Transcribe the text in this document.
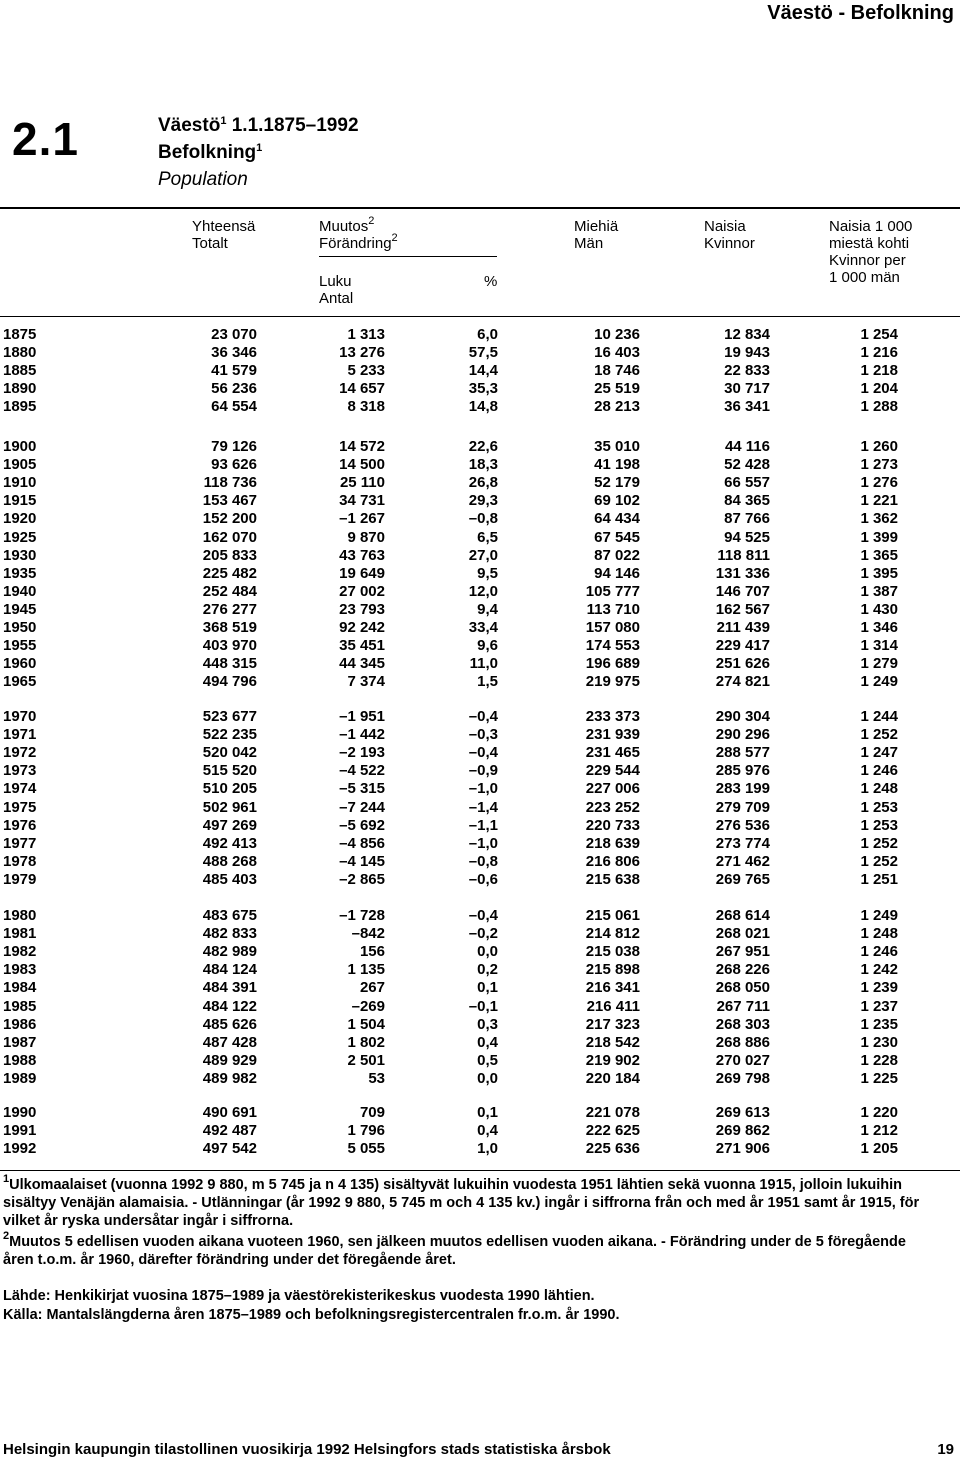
Väestö - Befolkning
2.1	Väestö$^1$ 1.1.1875–1992
Befolkning$^1$
Population
Yhteensä
Totalt
Muutos$^2$
Förändring$^2$
Luku
Antal
%
Miehiä
Män
Naisia
Kvinnor
Naisia 1 000
miestä kohti
Kvinnor per
1 000 män
1875	23 070	1 313	6,0	10 236	12 834	1 254
1880	36 346	13 276	57,5	16 403	19 943	1 216
1885	41 579	5 233	14,4	18 746	22 833	1 218
1890	56 236	14 657	35,3	25 519	30 717	1 204
1895	64 554	8 318	14,8	28 213	36 341	1 288
1900	79 126	14 572	22,6	35 010	44 116	1 260
1905	93 626	14 500	18,3	41 198	52 428	1 273
1910	118 736	25 110	26,8	52 179	66 557	1 276
1915	153 467	34 731	29,3	69 102	84 365	1 221
1920	152 200	–1 267	–0,8	64 434	87 766	1 362
1925	162 070	9 870	6,5	67 545	94 525	1 399
1930	205 833	43 763	27,0	87 022	118 811	1 365
1935	225 482	19 649	9,5	94 146	131 336	1 395
1940	252 484	27 002	12,0	105 777	146 707	1 387
1945	276 277	23 793	9,4	113 710	162 567	1 430
1950	368 519	92 242	33,4	157 080	211 439	1 346
1955	403 970	35 451	9,6	174 553	229 417	1 314
1960	448 315	44 345	11,0	196 689	251 626	1 279
1965	494 796	7 374	1,5	219 975	274 821	1 249
1970	523 677	–1 951	–0,4	233 373	290 304	1 244
1971	522 235	–1 442	–0,3	231 939	290 296	1 252
1972	520 042	–2 193	–0,4	231 465	288 577	1 247
1973	515 520	–4 522	–0,9	229 544	285 976	1 246
1974	510 205	–5 315	–1,0	227 006	283 199	1 248
1975	502 961	–7 244	–1,4	223 252	279 709	1 253
1976	497 269	–5 692	–1,1	220 733	276 536	1 253
1977	492 413	–4 856	–1,0	218 639	273 774	1 252
1978	488 268	–4 145	–0,8	216 806	271 462	1 252
1979	485 403	–2 865	–0,6	215 638	269 765	1 251
1980	483 675	–1 728	–0,4	215 061	268 614	1 249
1981	482 833	–842	–0,2	214 812	268 021	1 248
1982	482 989	156	0,0	215 038	267 951	1 246
1983	484 124	1 135	0,2	215 898	268 226	1 242
1984	484 391	267	0,1	216 341	268 050	1 239
1985	484 122	–269	–0,1	216 411	267 711	1 237
1986	485 626	1 504	0,3	217 323	268 303	1 235
1987	487 428	1 802	0,4	218 542	268 886	1 230
1988	489 929	2 501	0,5	219 902	270 027	1 228
1989	489 982	53	0,0	220 184	269 798	1 225
1990	490 691	709	0,1	221 078	269 613	1 220
1991	492 487	1 796	0,4	222 625	269 862	1 212
1992	497 542	5 055	1,0	225 636	271 906	1 205
$^1$Ulkomaalaiset (vuonna 1992 9 880, m 5 745 ja n 4 135) sisältyvät lukuihin vuodesta 1951 lähtien sekä vuonna 1915, jolloin lukuihin sisältyy Venäjän alamaisia. - Utlänningar (år 1992 9 880, 5 745 m och 4 135 kv.) ingår i siffrorna från och med år 1951 samt år 1915, för vilket år ryska undersåtar ingår i siffrorna.
$^2$Muutos 5 edellisen vuoden aikana vuoteen 1960, sen jälkeen muutos edellisen vuoden aikana. - Förändring under de 5 föregående åren t.o.m. år 1960, därefter förändring under det föregående året.
Lähde: Henkikirjat vuosina 1875–1989 ja väestörekisterikeskus vuodesta 1990 lähtien.
Källa: Mantalslängderna åren 1875–1989 och befolkningsregistercentralen fr.o.m. år 1990.
Helsingin kaupungin tilastollinen vuosikirja 1992 Helsingfors stads statistiska årsbok	19
